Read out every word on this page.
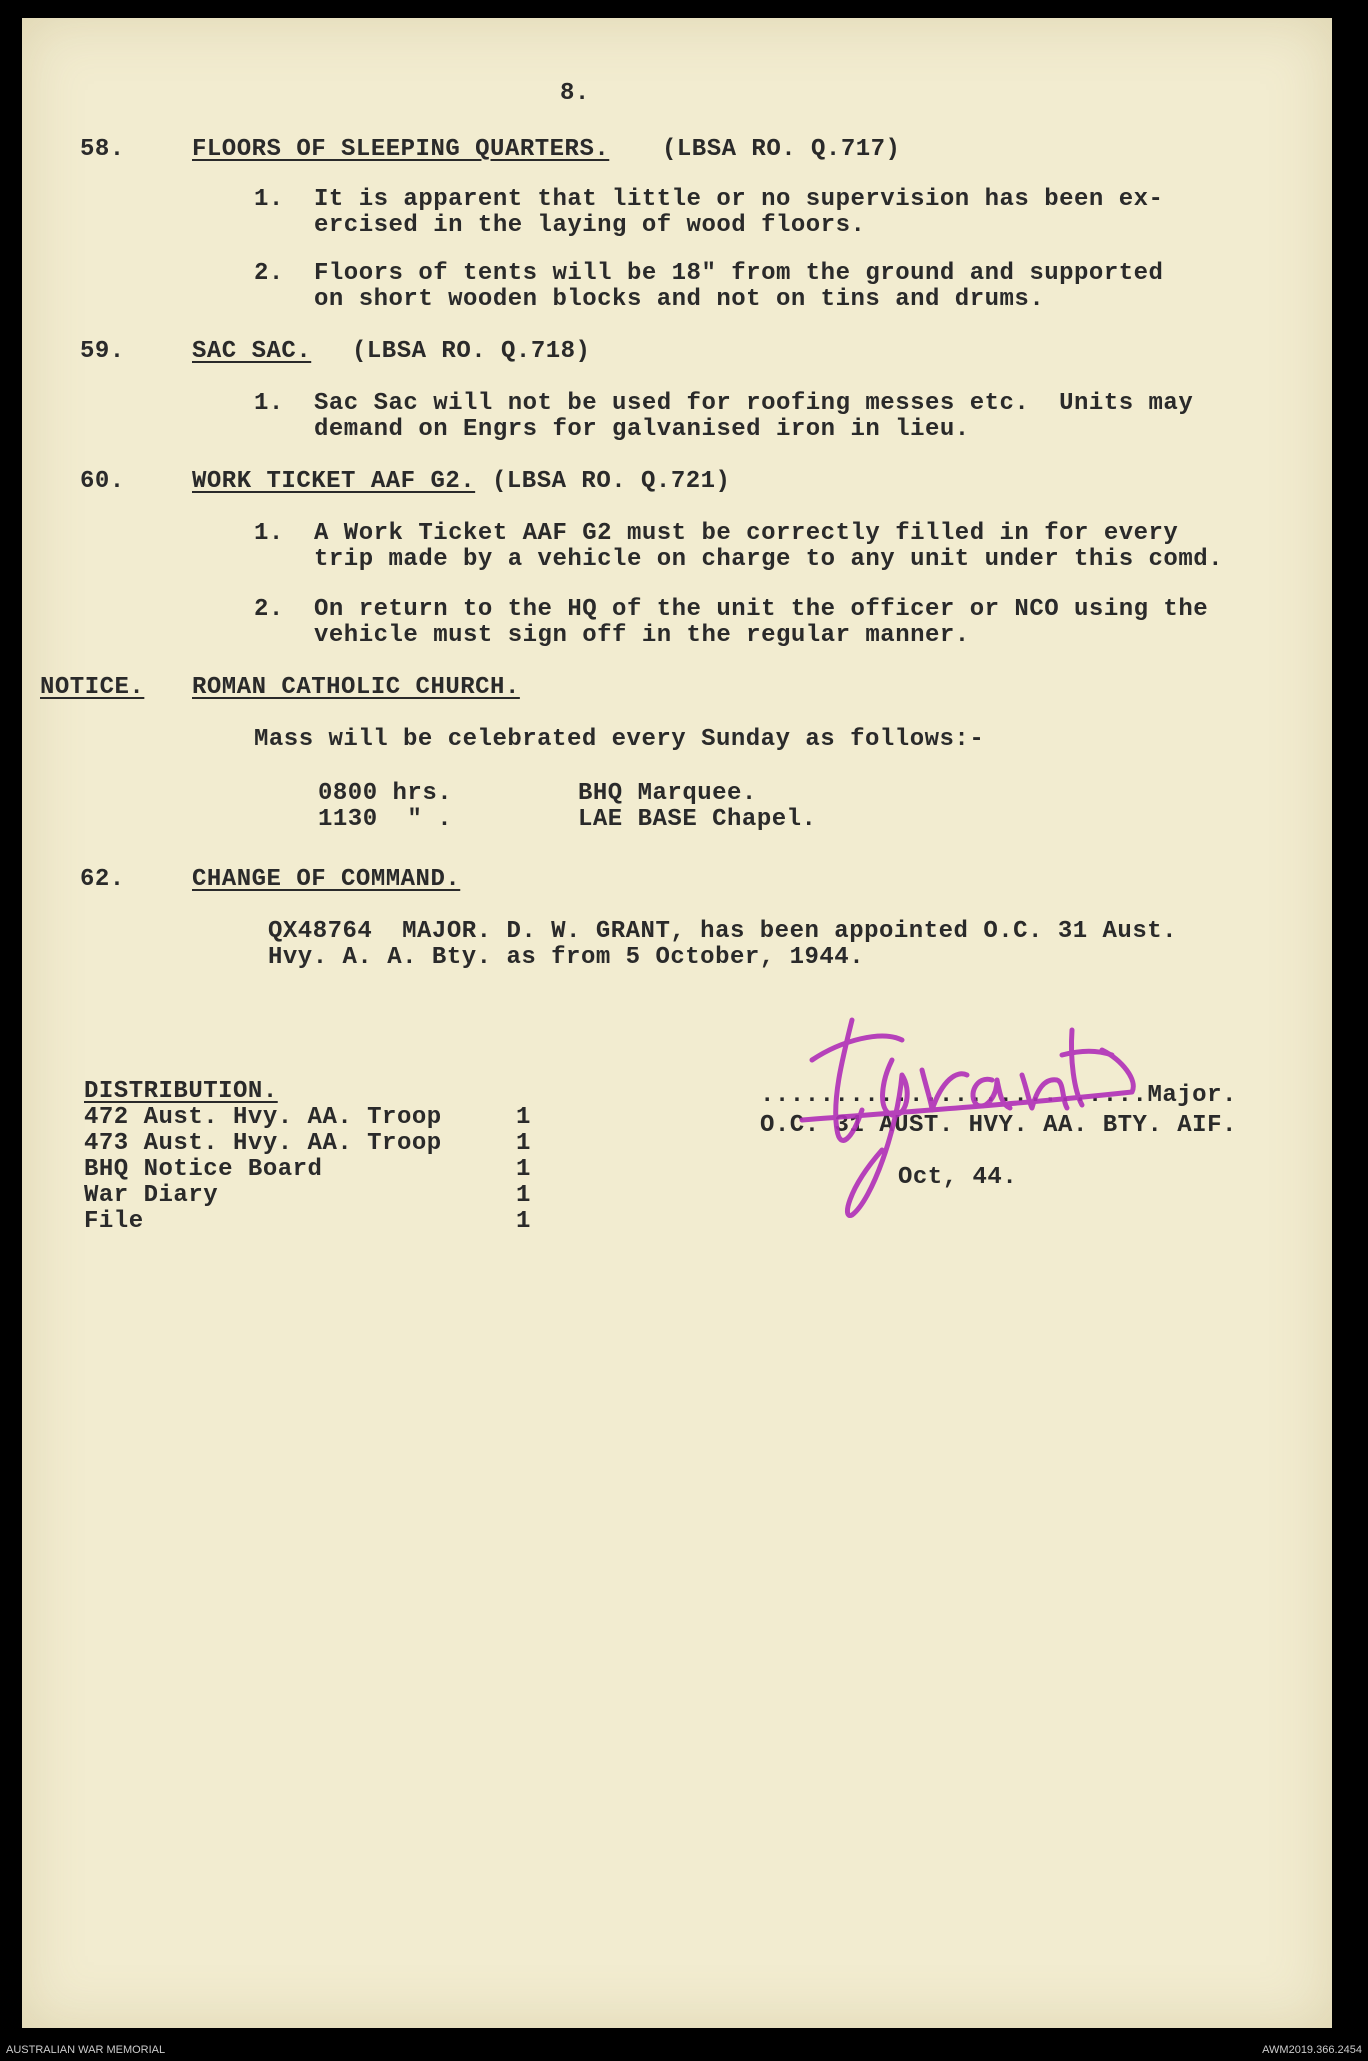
8.
58.	FLOORS OF SLEEPING QUARTERS. (LBSA RO. Q.717)
1. It is apparent that little or no supervision has been ex-
ercised in the laying of wood floors.
2. Floors of tents will be 18" from the ground and supported
on short wooden blocks and not on tins and drums.
59.	SAC SAC. (LBSA RO. Q.718)
1. Sac Sac will not be used for roofing messes etc.  Units may
demand on Engrs for galvanised iron in lieu.
60.	WORK TICKET AAF G2. (LBSA RO. Q.721)
1. A Work Ticket AAF G2 must be correctly filled in for every
trip made by a vehicle on charge to any unit under this comd.
2. On return to the HQ of the unit the officer or NCO using the
vehicle must sign off in the regular manner.
NOTICE. ROMAN CATHOLIC CHURCH.
Mass will be celebrated every Sunday as follows:-
0800 hrs.	BHQ Marquee.
1130  " .	LAE BASE Chapel.
62.	CHANGE OF COMMAND.
QX48764  MAJOR. D. W. GRANT, has been appointed O.C. 31 Aust.
Hvy. A. A. Bty. as from 5 October, 1944.
DISTRIBUTION.
472 Aust. Hvy. AA. Troop	1
473 Aust. Hvy. AA. Troop	1
BHQ Notice Board	1
War Diary	1
File	1
..........................Major.
O.C. 31 AUST. HVY. AA. BTY. AIF.
Oct, 44.
AUSTRALIAN WAR MEMORIAL	AWM2019.366.2454
